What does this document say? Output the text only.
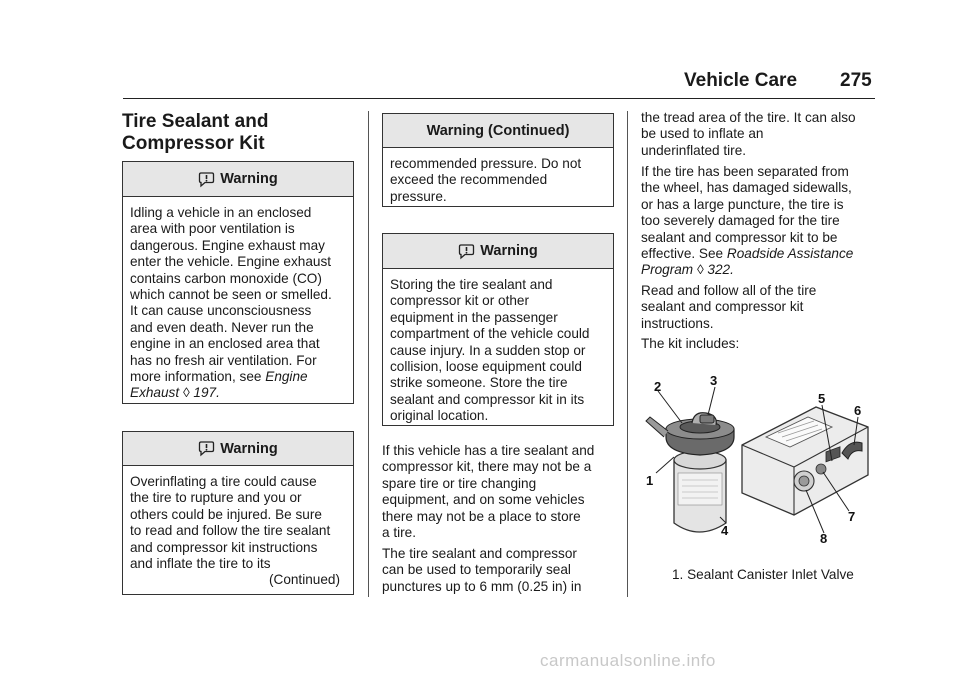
Vehicle Care 275
Tire Sealant and
Compressor Kit
Warning
Idling a vehicle in an enclosed
area with poor ventilation is
dangerous. Engine exhaust may
enter the vehicle. Engine exhaust
contains carbon monoxide (CO)
which cannot be seen or smelled.
It can cause unconsciousness
and even death. Never run the
engine in an enclosed area that
has no fresh air ventilation. For
more information, see Engine
Exhaust ◊ 197.
Warning
Overinflating a tire could cause
the tire to rupture and you or
others could be injured. Be sure
to read and follow the tire sealant
and compressor kit instructions
and inflate the tire to its
(Continued)
Warning (Continued)
recommended pressure. Do not
exceed the recommended
pressure.
Warning
Storing the tire sealant and
compressor kit or other
equipment in the passenger
compartment of the vehicle could
cause injury. In a sudden stop or
collision, loose equipment could
strike someone. Store the tire
sealant and compressor kit in its
original location.
If this vehicle has a tire sealant and
compressor kit, there may not be a
spare tire or tire changing
equipment, and on some vehicles
there may not be a place to store
a tire.
The tire sealant and compressor
can be used to temporarily seal
punctures up to 6 mm (0.25 in) in
the tread area of the tire. It can also
be used to inflate an
underinflated tire.
If the tire has been separated from
the wheel, has damaged sidewalls,
or has a large puncture, the tire is
too severely damaged for the tire
sealant and compressor kit to be
effective. See Roadside Assistance
Program ◊ 322.
Read and follow all of the tire
sealant and compressor kit
instructions.
The kit includes:
2	3
1
4
5
6
7
8
1. Sealant Canister Inlet Valve
carmanualsonline.info
